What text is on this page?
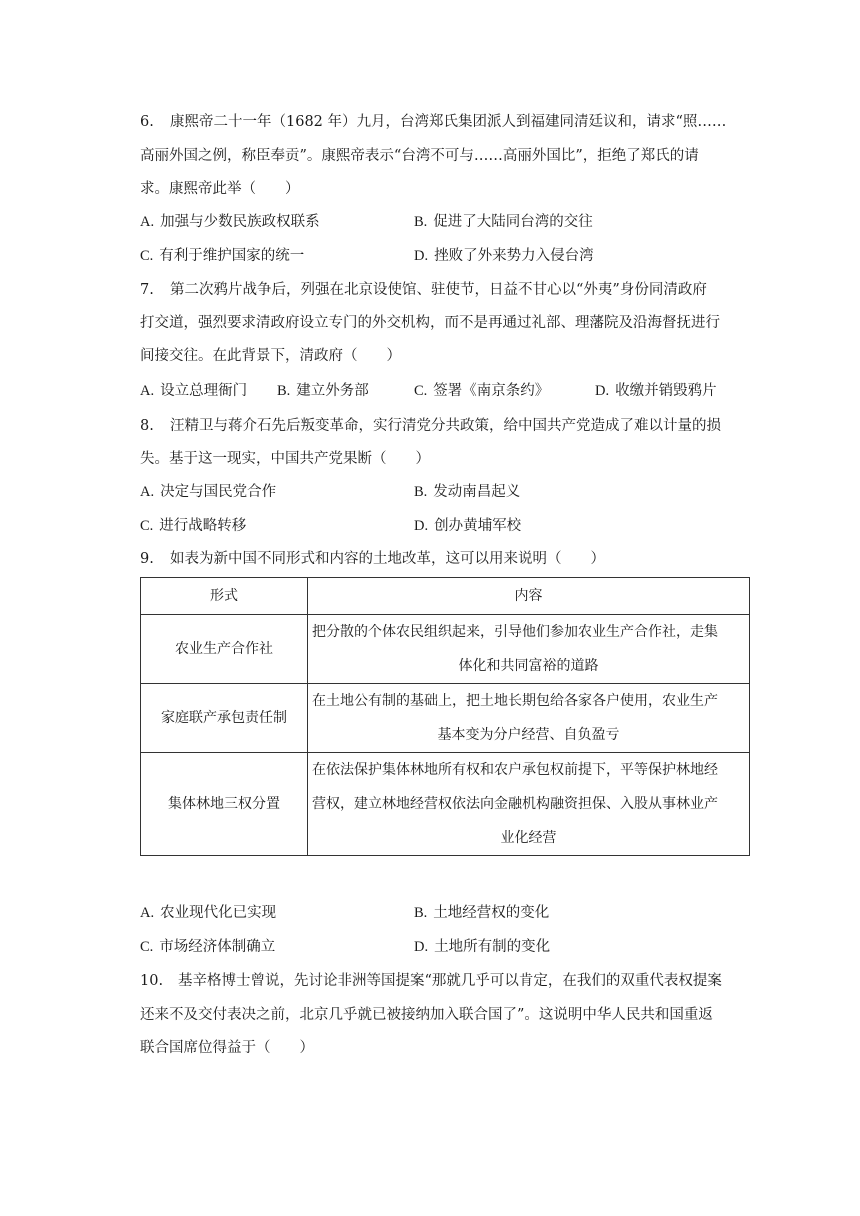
6. 康熙帝二十一年（1682 年）九月，台湾郑氏集团派人到福建同清廷议和，请求“照……
高丽外国之例，称臣奉贡”。康熙帝表示“台湾不可与……高丽外国比”，拒绝了郑氏的请
求。康熙帝此举（　　）
A. 加强与少数民族政权联系	B. 促进了大陆同台湾的交往
C. 有利于维护国家的统一	D. 挫败了外来势力入侵台湾
7. 第二次鸦片战争后，列强在北京设使馆、驻使节，日益不甘心以“外夷”身份同清政府
打交道，强烈要求清政府设立专门的外交机构，而不是再通过礼部、理藩院及沿海督抚进行
间接交往。在此背景下，清政府（　　）
A. 设立总理衙门 B. 建立外务部	C. 签署《南京条约》	D. 收缴并销毁鸦片
8. 汪精卫与蒋介石先后叛变革命，实行清党分共政策，给中国共产党造成了难以计量的损
失。基于这一现实，中国共产党果断（　　）
A. 决定与国民党合作	B. 发动南昌起义
C. 进行战略转移	D. 创办黄埔军校
9. 如表为新中国不同形式和内容的土地改革，这可以用来说明（　　）
形式	内容
农业生产合作社	把分散的个体农民组织起来，引导他们参加农业生产合作社，走集
体化和共同富裕的道路
家庭联产承包责任制	在土地公有制的基础上，把土地长期包给各家各户使用，农业生产
基本变为分户经营、自负盈亏
集体林地三权分置	在依法保护集体林地所有权和农户承包权前提下，平等保护林地经
营权，建立林地经营权依法向金融机构融资担保、入股从事林业产
业化经营
A. 农业现代化已实现	B. 土地经营权的变化
C. 市场经济体制确立	D. 土地所有制的变化
10. 基辛格博士曾说，先讨论非洲等国提案“那就几乎可以肯定，在我们的双重代表权提案
还来不及交付表决之前，北京几乎就已被接纳加入联合国了”。这说明中华人民共和国重返
联合国席位得益于（　　）
